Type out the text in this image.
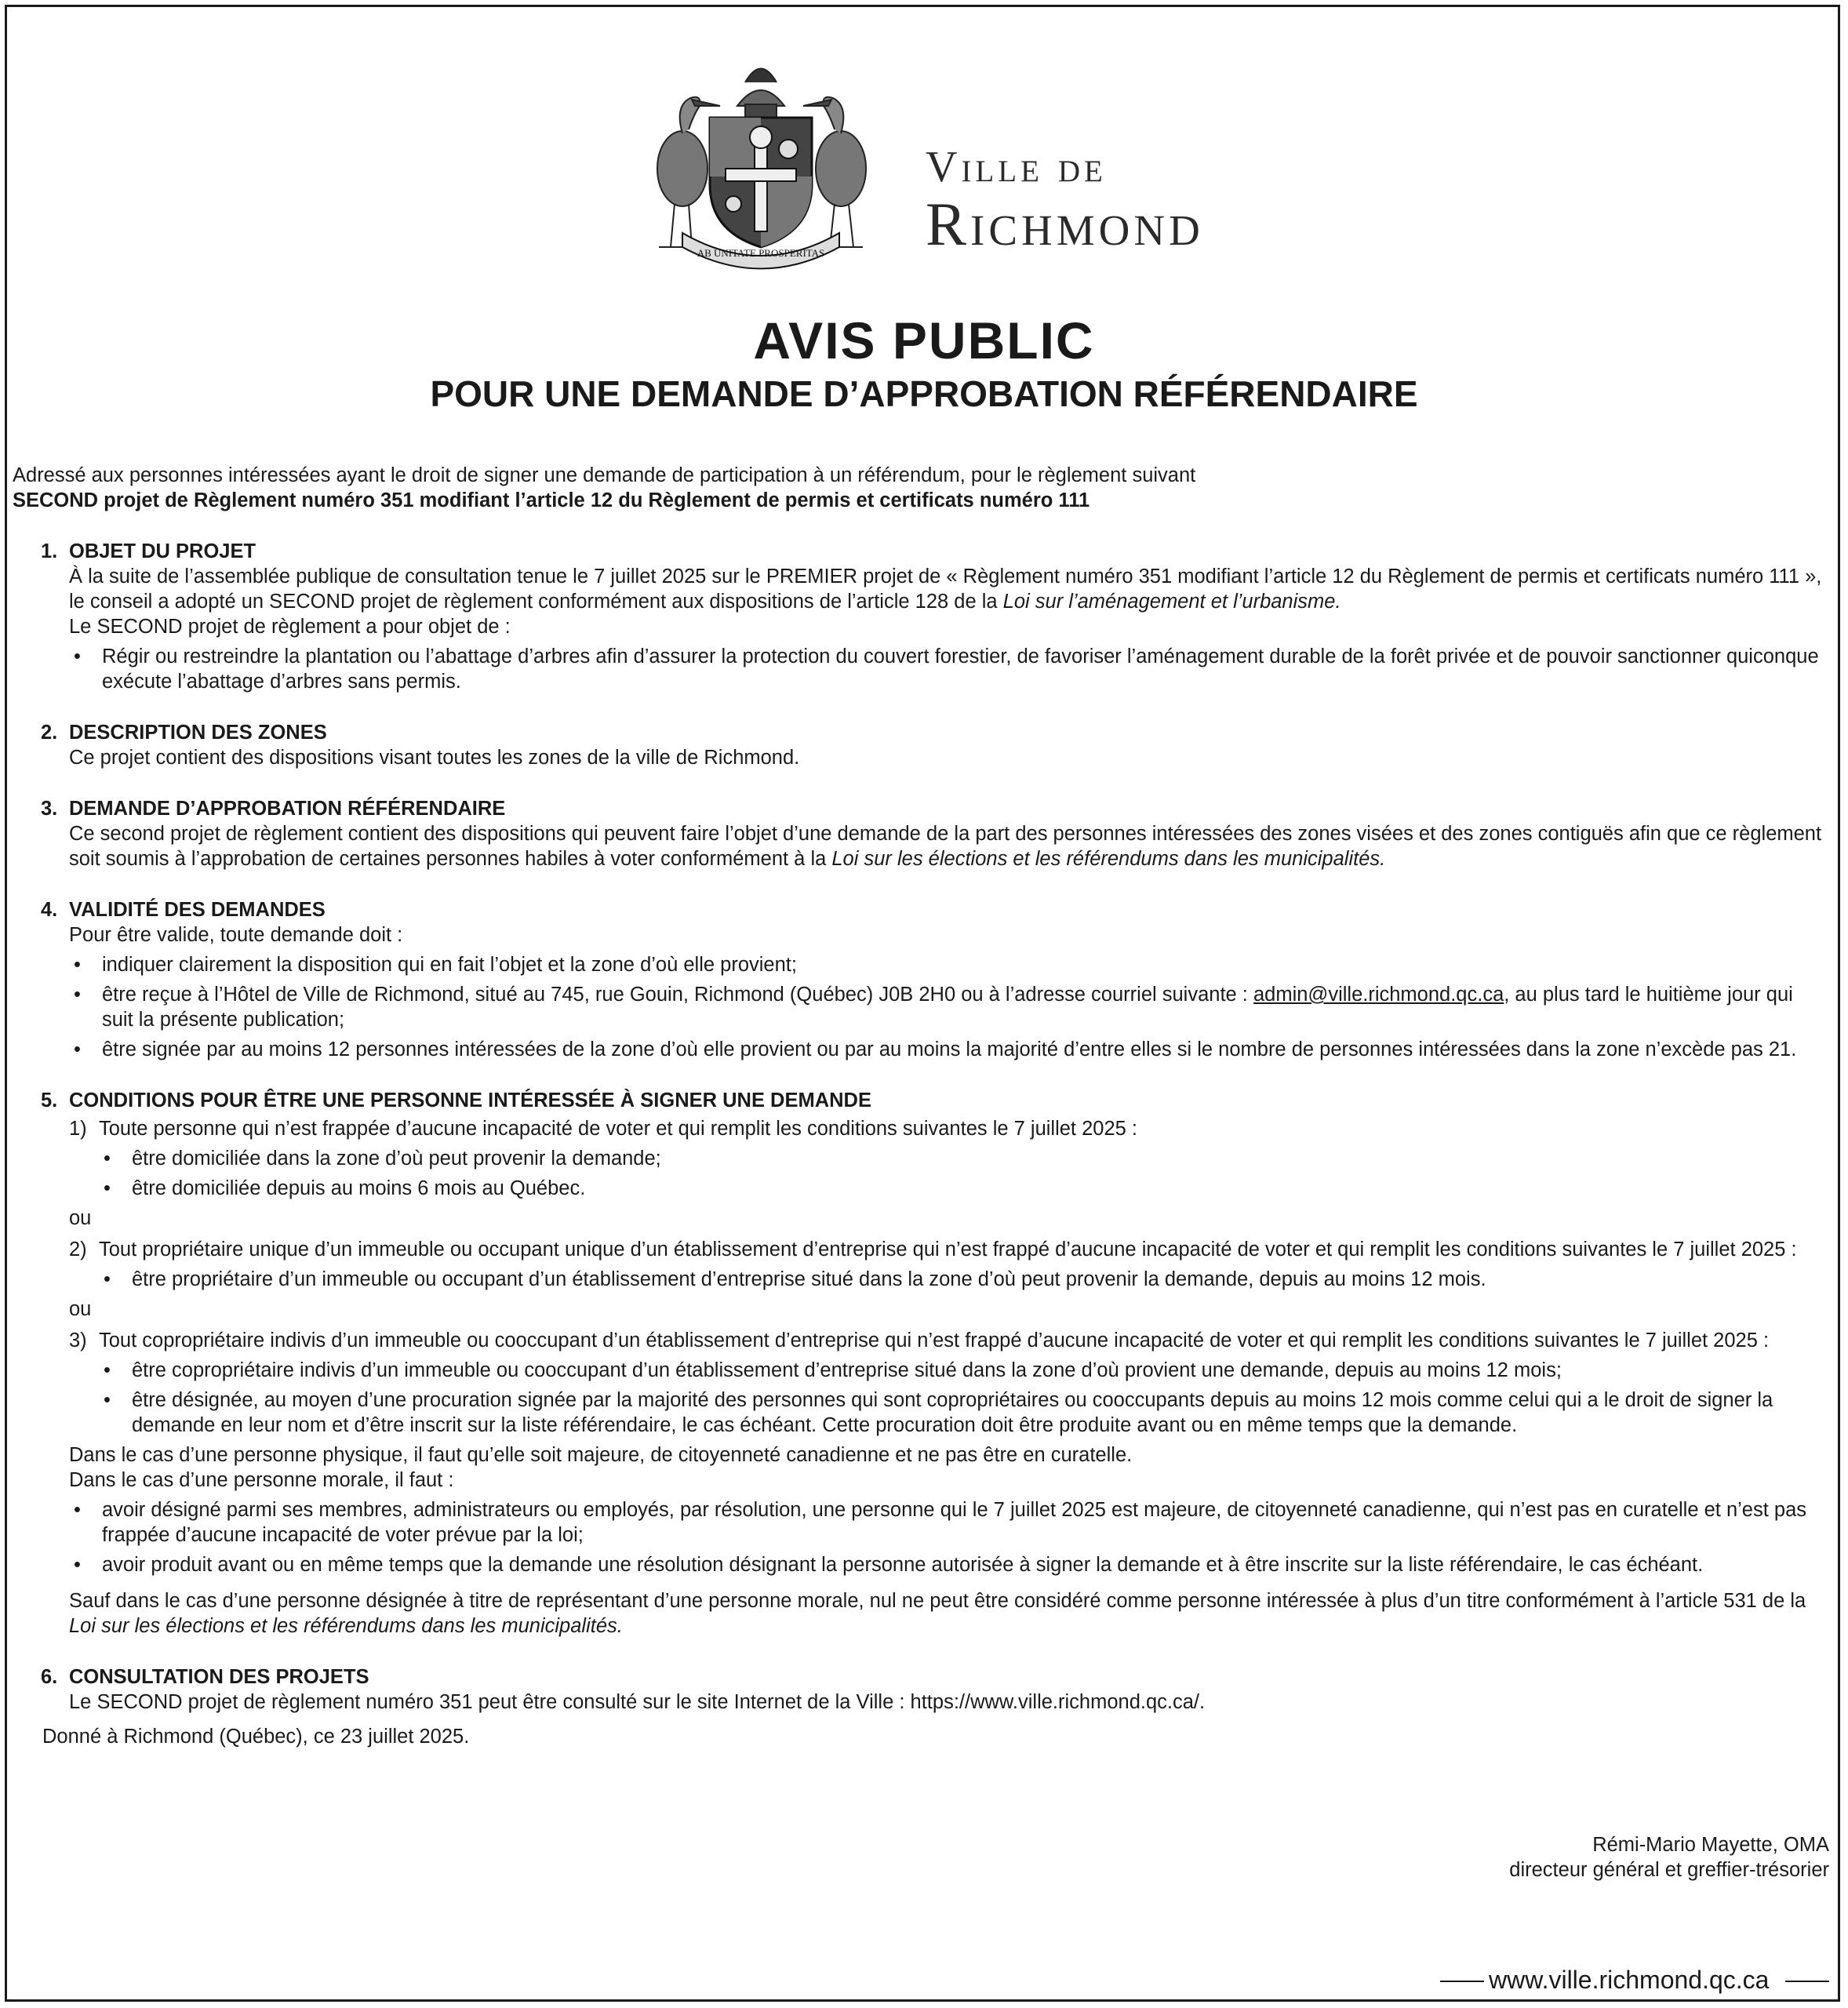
AB UNITATE PROSPERITAS
Ville de
Richmond
AVIS PUBLIC
POUR UNE DEMANDE D’APPROBATION RÉFÉRENDAIRE

Adressé aux personnes intéressées ayant le droit de signer une demande de participation à un référendum, pour le règlement suivant

SECOND projet de Règlement numéro 351 modifiant l’article 12 du Règlement de permis et certificats numéro 111

1. OBJET DU PROJET

À la suite de l’assemblée publique de consultation tenue le 7 juillet 2025 sur le PREMIER projet de « Règlement numéro 351 modifiant l’article 12 du Règlement de permis et certificats numéro 111 », le conseil a adopté un SECOND projet de règlement conformément aux dispositions de l’article 128 de la Loi sur l’aménagement et l’urbanisme.

Le SECOND projet de règlement a pour objet de :

• Régir ou restreindre la plantation ou l’abattage d’arbres afin d’assurer la protection du couvert forestier, de favoriser l’aménagement durable de la forêt privée et de pouvoir sanctionner quiconque exécute l’abattage d’arbres sans permis.
2. DESCRIPTION DES ZONES

Ce projet contient des dispositions visant toutes les zones de la ville de Richmond.

3. DEMANDE D’APPROBATION RÉFÉRENDAIRE

Ce second projet de règlement contient des dispositions qui peuvent faire l’objet d’une demande de la part des personnes intéressées des zones visées et des zones contiguës afin que ce règlement soit soumis à l’approbation de certaines personnes habiles à voter conformément à la Loi sur les élections et les référendums dans les municipalités.

4. VALIDITÉ DES DEMANDES

Pour être valide, toute demande doit :

• indiquer clairement la disposition qui en fait l’objet et la zone d’où elle provient;
• être reçue à l’Hôtel de Ville de Richmond, situé au 745, rue Gouin, Richmond (Québec) J0B 2H0 ou à l’adresse courriel suivante : admin@ville.richmond.qc.ca, au plus tard le huitième jour qui suit la présente publication;
• être signée par au moins 12 personnes intéressées de la zone d’où elle provient ou par au moins la majorité d’entre elles si le nombre de personnes intéressées dans la zone n’excède pas 21.
5. CONDITIONS POUR ÊTRE UNE PERSONNE INTÉRESSÉE À SIGNER UNE DEMANDE

1) Toute personne qui n’est frappée d’aucune incapacité de voter et qui remplit les conditions suivantes le 7 juillet 2025 :

• être domiciliée dans la zone d’où peut provenir la demande;
• être domiciliée depuis au moins 6 mois au Québec.

ou

2) Tout propriétaire unique d’un immeuble ou occupant unique d’un établissement d’entreprise qui n’est frappé d’aucune incapacité de voter et qui remplit les conditions suivantes le 7 juillet 2025 :

• être propriétaire d’un immeuble ou occupant d’un établissement d’entreprise situé dans la zone d’où peut provenir la demande, depuis au moins 12 mois.

ou

3) Tout copropriétaire indivis d’un immeuble ou cooccupant d’un établissement d’entreprise qui n’est frappé d’aucune incapacité de voter et qui remplit les conditions suivantes le 7 juillet 2025 :

• être copropriétaire indivis d’un immeuble ou cooccupant d’un établissement d’entreprise situé dans la zone d’où provient une demande, depuis au moins 12 mois;
• être désignée, au moyen d’une procuration signée par la majorité des personnes qui sont copropriétaires ou cooccupants depuis au moins 12 mois comme celui qui a le droit de signer la demande en leur nom et d’être inscrit sur la liste référendaire, le cas échéant. Cette procuration doit être produite avant ou en même temps que la demande.

Dans le cas d’une personne physique, il faut qu’elle soit majeure, de citoyenneté canadienne et ne pas être en curatelle.

Dans le cas d’une personne morale, il faut :

• avoir désigné parmi ses membres, administrateurs ou employés, par résolution, une personne qui le 7 juillet 2025 est majeure, de citoyenneté canadienne, qui n’est pas en curatelle et n’est pas frappée d’aucune incapacité de voter prévue par la loi;
• avoir produit avant ou en même temps que la demande une résolution désignant la personne autorisée à signer la demande et à être inscrite sur la liste référendaire, le cas échéant.

Sauf dans le cas d’une personne désignée à titre de représentant d’une personne morale, nul ne peut être considéré comme personne intéressée à plus d’un titre conformément à l’article 531 de la Loi sur les élections et les référendums dans les municipalités.

6. CONSULTATION DES PROJETS

Le SECOND projet de règlement numéro 351 peut être consulté sur le site Internet de la Ville : https://www.ville.richmond.qc.ca/.

Donné à Richmond (Québec), ce 23 juillet 2025.

Rémi-Mario Mayette, OMA

directeur général et greffier-trésorier

www.ville.richmond.qc.ca
